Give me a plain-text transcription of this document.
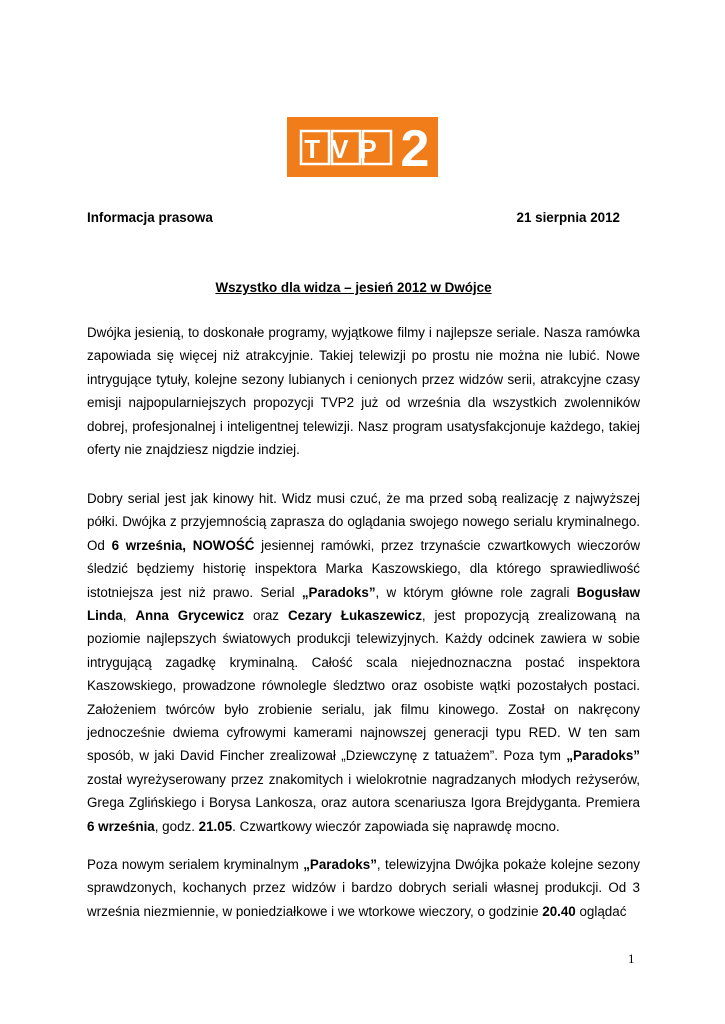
TVP 2
Informacja prasowa	21 sierpnia 2012
Wszystko dla widza – jesień 2012 w Dwójce

Dwójka jesienią, to doskonałe programy, wyjątkowe filmy i najlepsze seriale. Nasza ramówka zapowiada się więcej niż atrakcyjnie. Takiej telewizji po prostu nie można nie lubić. Nowe intrygujące tytuły, kolejne sezony lubianych i cenionych przez widzów serii, atrakcyjne czasy emisji najpopularniejszych propozycji TVP2 już od września dla wszystkich zwolenników dobrej, profesjonalnej i inteligentnej telewizji. Nasz program usatysfakcjonuje każdego, takiej oferty nie znajdziesz nigdzie indziej.

Dobry serial jest jak kinowy hit. Widz musi czuć, że ma przed sobą realizację z najwyższej półki. Dwójka z przyjemnością zaprasza do oglądania swojego nowego serialu kryminalnego. Od 6 września, NOWOŚĆ jesiennej ramówki, przez trzynaście czwartkowych wieczorów śledzić będziemy historię inspektora Marka Kaszowskiego, dla którego sprawiedliwość istotniejsza jest niż prawo. Serial „Paradoks”, w którym główne role zagrali Bogusław Linda, Anna Grycewicz oraz Cezary Łukaszewicz, jest propozycją zrealizowaną na poziomie najlepszych światowych produkcji telewizyjnych. Każdy odcinek zawiera w sobie intrygującą zagadkę kryminalną. Całość scala niejednoznaczna postać inspektora Kaszowskiego, prowadzone równolegle śledztwo oraz osobiste wątki pozostałych postaci. Założeniem twórców było zrobienie serialu, jak filmu kinowego. Został on nakręcony jednocześnie dwiema cyfrowymi kamerami najnowszej generacji typu RED. W ten sam sposób, w jaki David Fincher zrealizował „Dziewczynę z tatuażem”. Poza tym „Paradoks” został wyreżyserowany przez znakomitych i wielokrotnie nagradzanych młodych reżyserów, Grega Zglińskiego i Borysa Lankosza, oraz autora scenariusza Igora Brejdyganta. Premiera 6 września, godz. 21.05. Czwartkowy wieczór zapowiada się naprawdę mocno.

Poza nowym serialem kryminalnym „Paradoks”, telewizyjna Dwójka pokaże kolejne sezony sprawdzonych, kochanych przez widzów i bardzo dobrych seriali własnej produkcji. Od 3 września niezmiennie, w poniedziałkowe i we wtorkowe wieczory, o godzinie 20.40 oglądać

1
